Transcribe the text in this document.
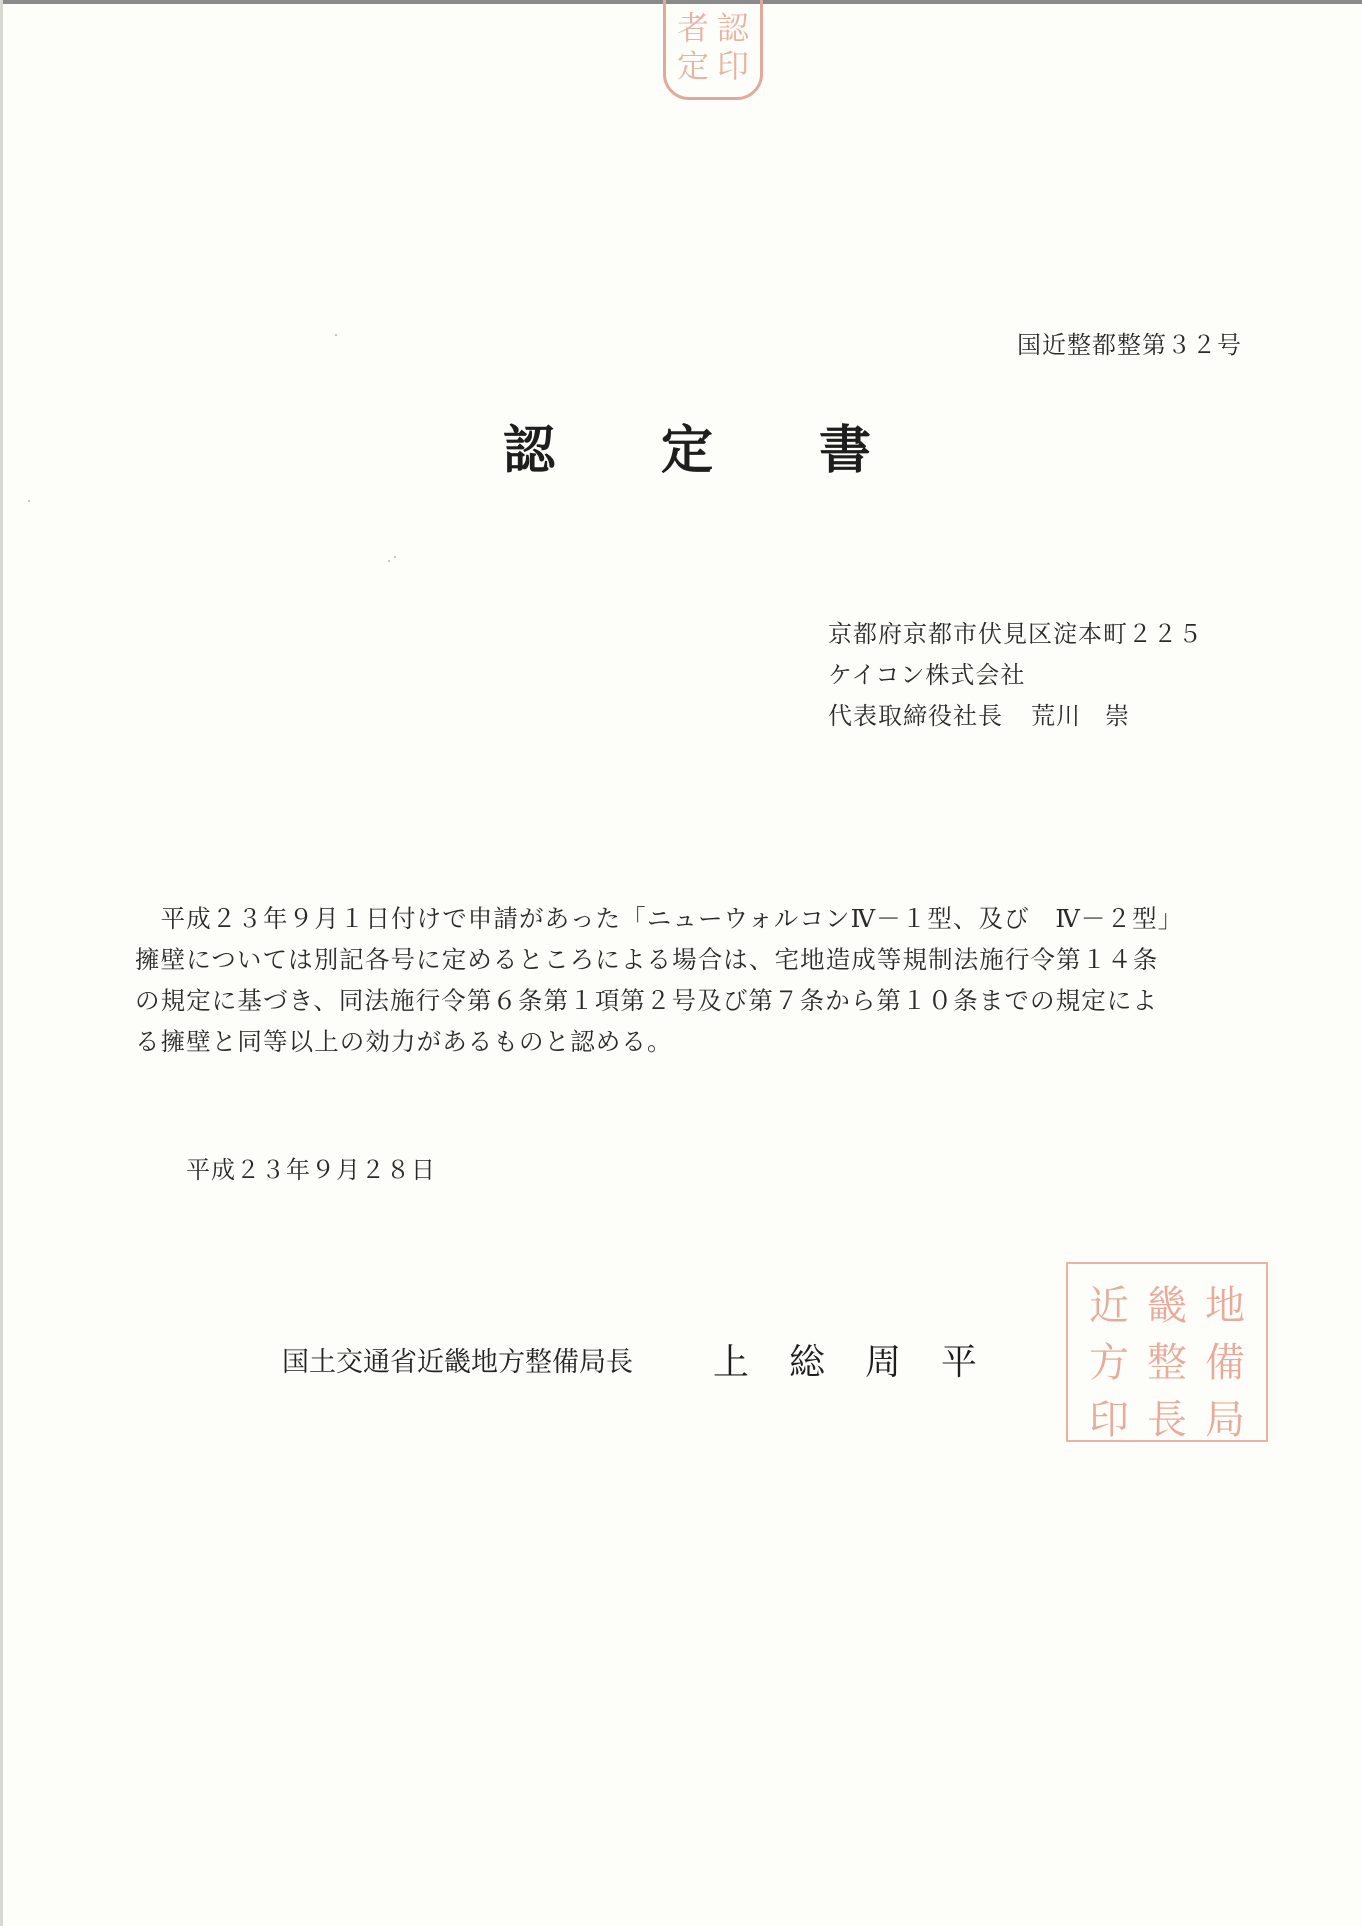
者 認
定 印
国近整都整第３２号
認 定 書
京都府京都市伏見区淀本町２２５
ケイコン株式会社
代表取締役社長 荒川 崇
　平成２３年９月１日付けで申請があった「ニューウォルコンⅣ－１型、及び　Ⅳ－２型」
擁壁については別記各号に定めるところによる場合は、宅地造成等規制法施行令第１４条
の規定に基づき、同法施行令第６条第１項第２号及び第７条から第１０条までの規定によ
る擁壁と同等以上の効力があるものと認める。
平成２３年９月２８日
国土交通省近畿地方整備局長 上総周平
近 畿 地
方 整 備
印 長 局
